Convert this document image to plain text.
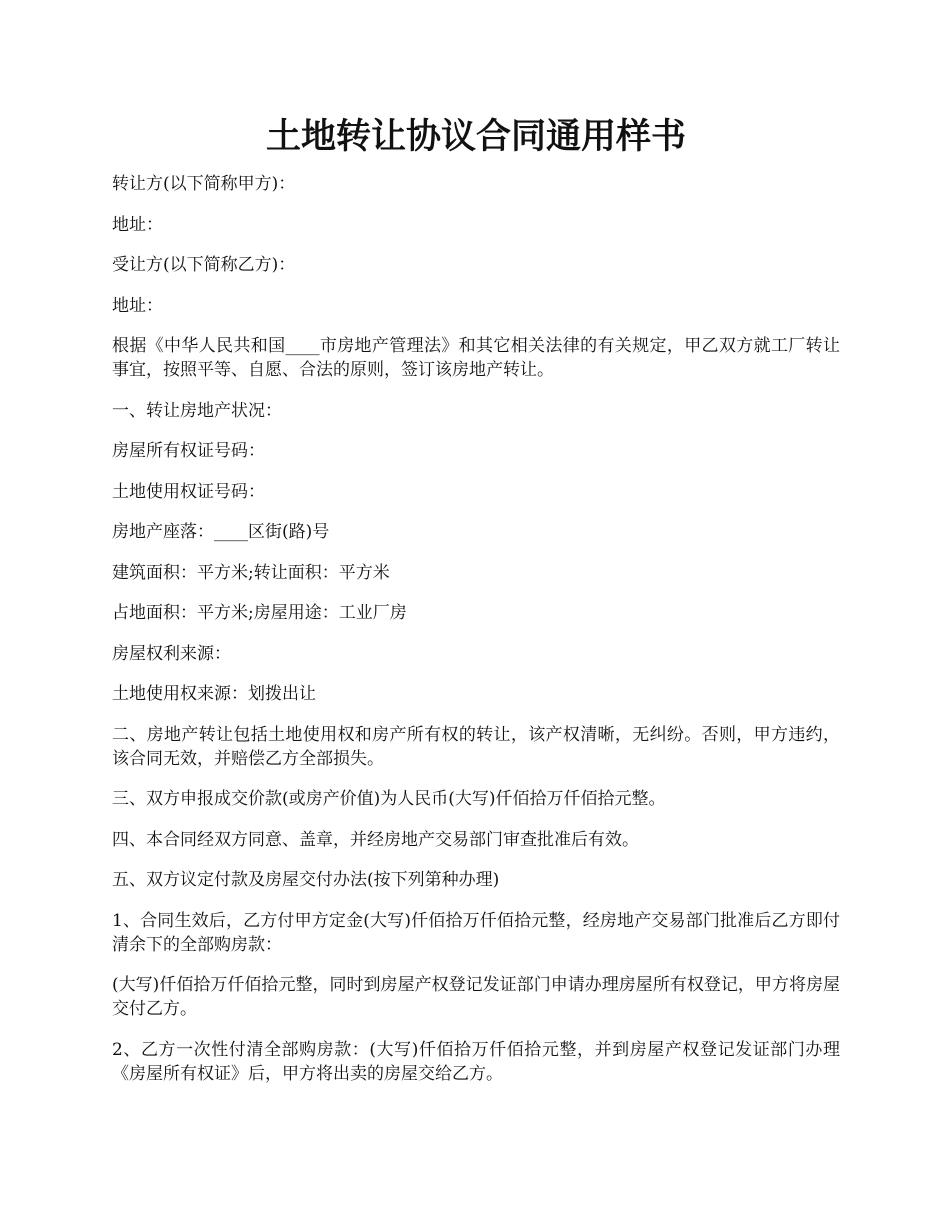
土地转让协议合同通用样书

转让方(以下简称甲方)：

地址：

受让方(以下简称乙方)：

地址：

根据《中华人民共和国____市房地产管理法》和其它相关法律的有关规定，甲乙双方就工厂转让事宜，按照平等、自愿、合法的原则，签订该房地产转让。

一、转让房地产状况：

房屋所有权证号码：

土地使用权证号码：

房地产座落：____区街(路)号

建筑面积：平方米;转让面积：平方米

占地面积：平方米;房屋用途：工业厂房

房屋权利来源：

土地使用权来源：划拨出让

二、房地产转让包括土地使用权和房产所有权的转让，该产权清晰，无纠纷。否则，甲方违约，该合同无效，并赔偿乙方全部损失。

三、双方申报成交价款(或房产价值)为人民币(大写)仟佰拾万仟佰拾元整。

四、本合同经双方同意、盖章，并经房地产交易部门审查批准后有效。

五、双方议定付款及房屋交付办法(按下列第种办理)

1、合同生效后，乙方付甲方定金(大写)仟佰拾万仟佰拾元整，经房地产交易部门批准后乙方即付清余下的全部购房款：

(大写)仟佰拾万仟佰拾元整，同时到房屋产权登记发证部门申请办理房屋所有权登记，甲方将房屋交付乙方。

2、乙方一次性付清全部购房款：(大写)仟佰拾万仟佰拾元整，并到房屋产权登记发证部门办理《房屋所有权证》后，甲方将出卖的房屋交给乙方。
